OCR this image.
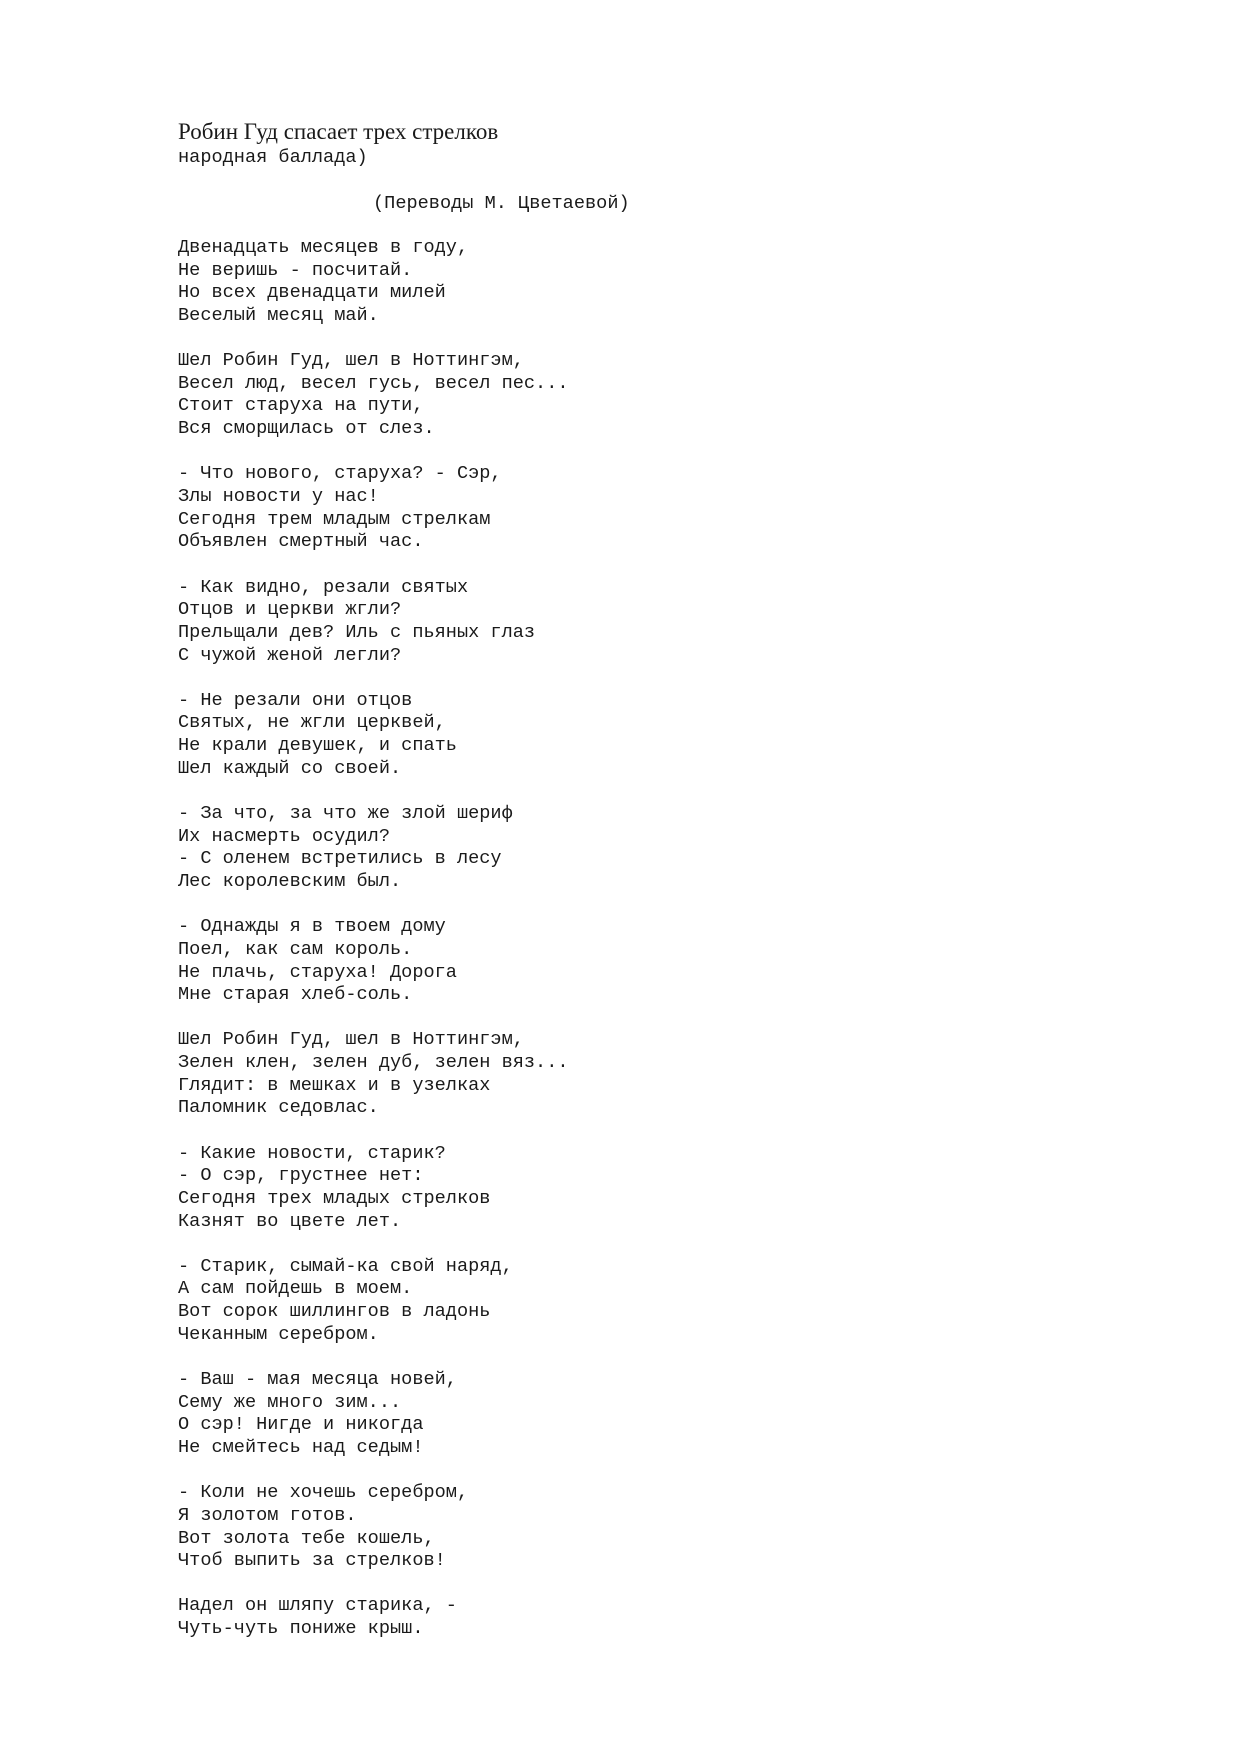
Робин Гуд спасает трех стрелков
народная баллада)
(Переводы М. Цветаевой)
Двенадцать месяцев в году,
Не веришь - посчитай.
Но всех двенадцати милей
Веселый месяц май.
Шел Робин Гуд, шел в Ноттингэм,
Весел люд, весел гусь, весел пес...
Стоит старуха на пути,
Вся сморщилась от слез.
- Что нового, старуха? - Сэр,
Злы новости у нас!
Сегодня трем младым стрелкам
Объявлен смертный час.
- Как видно, резали святых
Отцов и церкви жгли?
Прельщали дев? Иль с пьяных глаз
С чужой женой легли?
- Не резали они отцов
Святых, не жгли церквей,
Не крали девушек, и спать
Шел каждый со своей.
- За что, за что же злой шериф
Их насмерть осудил?
- С оленем встретились в лесу
Лес королевским был.
- Однажды я в твоем дому
Поел, как сам король.
Не плачь, старуха! Дорога
Мне старая хлеб-соль.
Шел Робин Гуд, шел в Ноттингэм,
Зелен клен, зелен дуб, зелен вяз...
Глядит: в мешках и в узелках
Паломник седовлас.
- Какие новости, старик?
- О сэр, грустнее нет:
Сегодня трех младых стрелков
Казнят во цвете лет.
- Старик, сымай-ка свой наряд,
А сам пойдешь в моем.
Вот сорок шиллингов в ладонь
Чеканным серебром.
- Ваш - мая месяца новей,
Сему же много зим...
О сэр! Нигде и никогда
Не смейтесь над седым!
- Коли не хочешь серебром,
Я золотом готов.
Вот золота тебе кошель,
Чтоб выпить за стрелков!
Надел он шляпу старика, -
Чуть-чуть пониже крыш.
